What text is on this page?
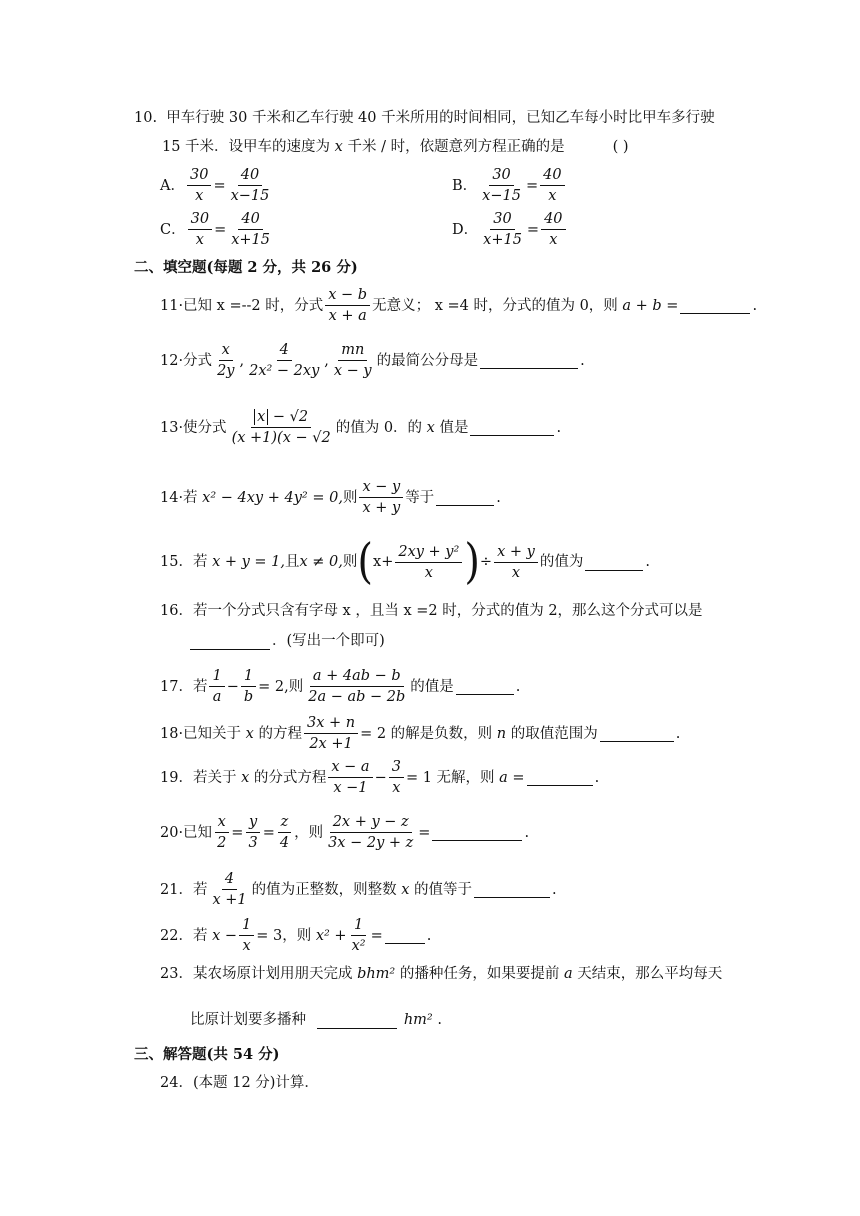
10.
甲车行驶 30 千米和乙车行驶 40 千米所用的时间相同，已知乙车每小时比甲车多行驶
15 千米．设甲车的速度为
x
千米 / 时，依题意列方程正确的是	( )
A． $\frac{30}{x} = \frac{40}{x-15}$	B． $\frac{30}{x-15} = \frac{40}{x}$
C． $\frac{30}{x} = \frac{40}{x+15}$	D． $\frac{30}{x+15} = \frac{40}{x}$
二、填空题(每题 2 分，共 26 分)
11·已知
x =--2 时，分式 $\frac{x - b}{x + a}$ 无意义；
x =4 时，分式的值为 0，则
a + b =	.
12·分式 $\frac{x}{2y}$ , $\frac{4}{\text{2x² − 2xy}}$ , $\frac{mn}{x - y}$ 的最简公分母是	.
13·使分式 $\frac{x - √2}{(x +1)(x - √2}$ 的值为 0．的
x
值是	.
14·若
x² − 4xy + 4y² = 0, 则 $\frac{x - y}{x + y}$ 等于	.
15．若
x + y = 1, 且 x ≠ 0, 则 ( $x+ \frac{\text{2xy + y²}}{x}$ ) ÷ $\frac{x + y}{x}$ 的值为	.
16．若一个分式只含有字母 x ，且当 x =2 时，分式的值为 2，那么这个分式可以是
．(写出一个即可)
17．若 $\frac{1}{a} - \frac{1}{b} = 2$, 则 $\frac{a + 4ab - b}{2a - ab - 2b}$ 的值是	.
18·已知关于
x
的方程 $\frac{3x + n}{2x +1} = 2$
的解是负数，则
n
的取值范围为	.
19．若关于
x
的分式方程 $\frac{x - a}{x -1} - \frac{3}{x} = 1$
无解，则
a =	.
20·已知 $\frac{x}{2} = \frac{y}{3} = \frac{z}{4}$ ，则 $\frac{2x + y - z}{3x - 2y + z}$ =	.
21．若 $\frac{4}{x +1}$ 的值为正整数，则整数
x
的值等于	.
22．若
$x - \frac{1}{x} = 3$ ，则
$x^2 + \frac{1}{\text{x²}}$ =	.
23．某农场原计划用朋天完成
bhm²
的播种任务，如果要提前
a
天结束，那么平均每天
比原计划要多播种

	hm² .
三、解答题(共 54 分)
24．(本题 12 分)计算．
